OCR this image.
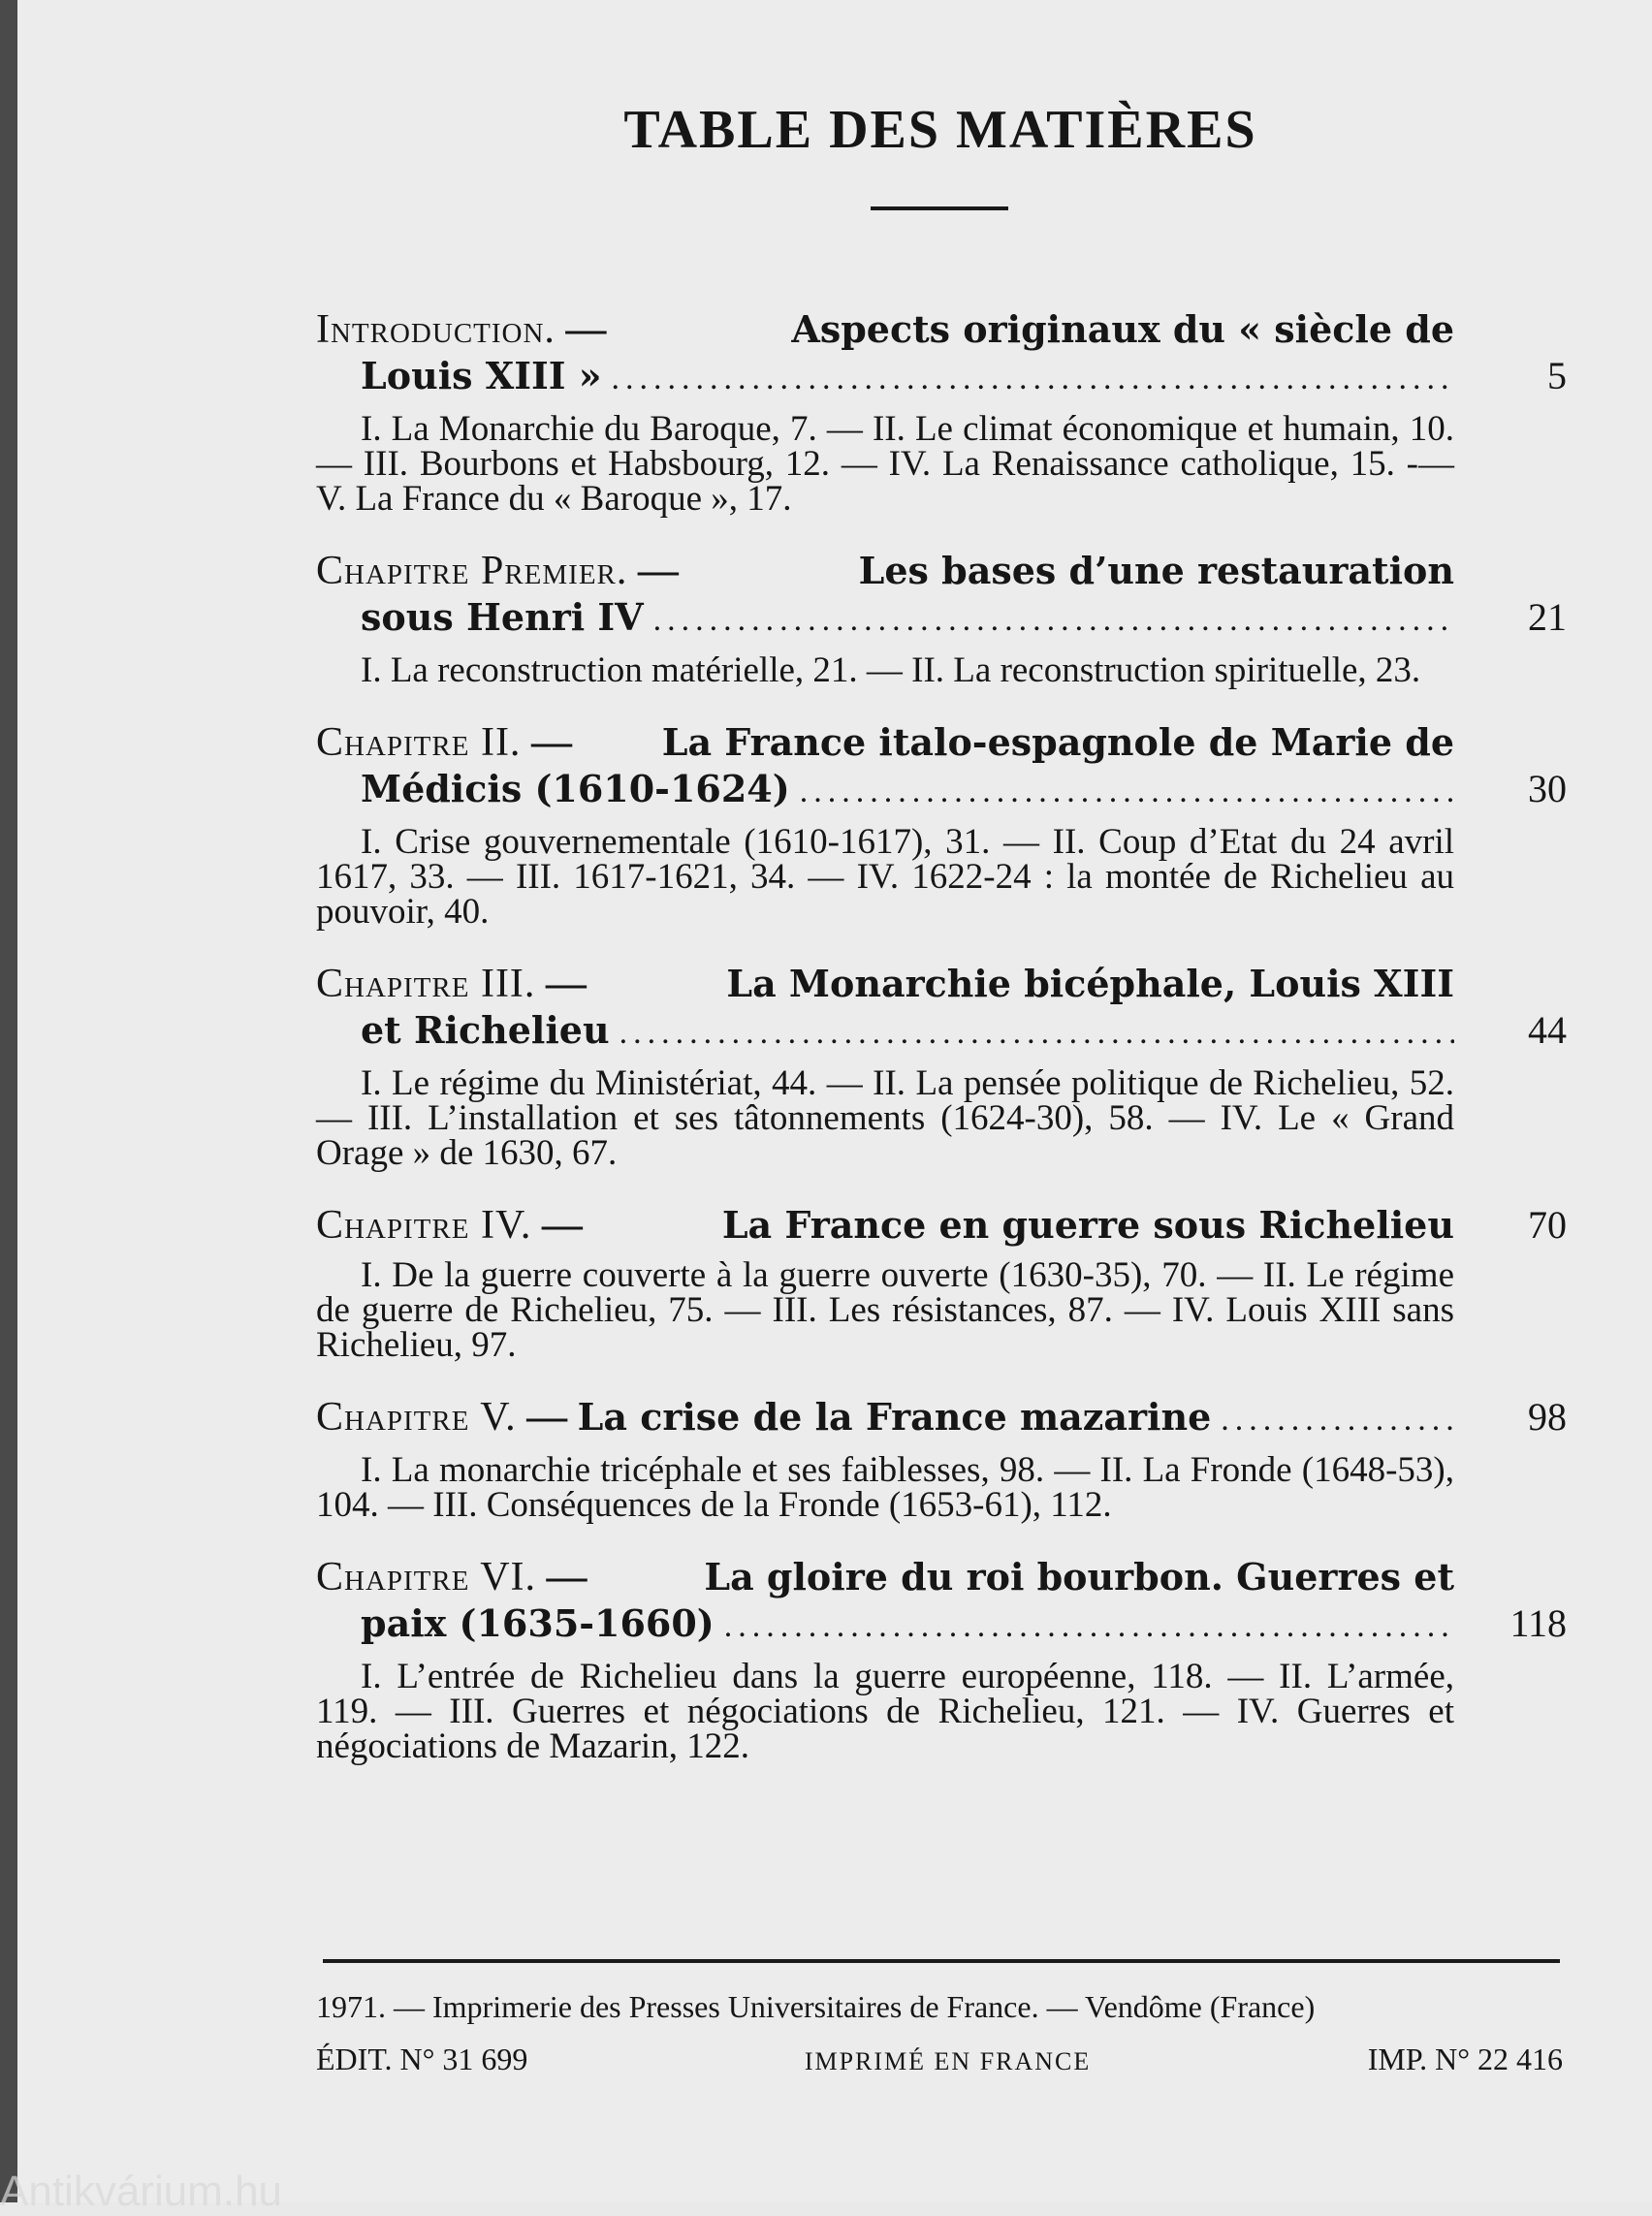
TABLE DES MATIÈRES
Introduction. —	Aspects originaux du « siècle de
Louis XIII » .....	5

I. La Monarchie du Baroque, 7. — II. Le climat économique et humain, 10. — III. Bourbons et Habsbourg, 12. — IV. La Renaissance catholique, 15. -— V. La France du « Baroque », 17.

Chapitre Premier. —	Les bases d’une restauration
sous Henri IV .....	21

I. La reconstruction matérielle, 21. — II. La reconstruction spirituelle, 23.

Chapitre II. — La France italo-espagnole de Marie de
Médicis (1610-1624) .....	30

I. Crise gouvernementale (1610-1617), 31. — II. Coup d’Etat du 24 avril 1617, 33. — III. 1617-1621, 34. — IV. 1622-24 : la montée de Richelieu au pouvoir, 40.

Chapitre III. —	La Monarchie bicéphale, Louis XIII
et Richelieu .....	44

I. Le régime du Ministériat, 44. — II. La pensée politique de Richelieu, 52. — III. L’installation et ses tâtonnements (1624-30), 58. — IV. Le « Grand Orage » de 1630, 67.

Chapitre IV. —	La France en guerre sous Richelieu	70

I. De la guerre couverte à la guerre ouverte (1630-35), 70. — II. Le régime de guerre de Richelieu, 75. — III. Les résistances, 87. — IV. Louis XIII sans Richelieu, 97.

Chapitre V.
—
La crise de la France mazarine .....	98

I. La monarchie tricéphale et ses faiblesses, 98. — II. La Fronde (1648-53), 104. — III. Conséquences de la Fronde (1653-61), 112.

Chapitre VI. —	La gloire du roi bourbon. Guerres et
paix (1635-1660) .....	118

I. L’entrée de Richelieu dans la guerre européenne, 118. — II. L’armée, 119. — III. Guerres et négociations de Richelieu, 121. — IV. Guerres et négociations de Mazarin, 122.

1971. — Imprimerie des Presses Universitaires de France. — Vendôme (France)
ÉDIT. N° 31 699	IMPRIMÉ EN FRANCE	IMP. N° 22 416
Antikvárium.hu
